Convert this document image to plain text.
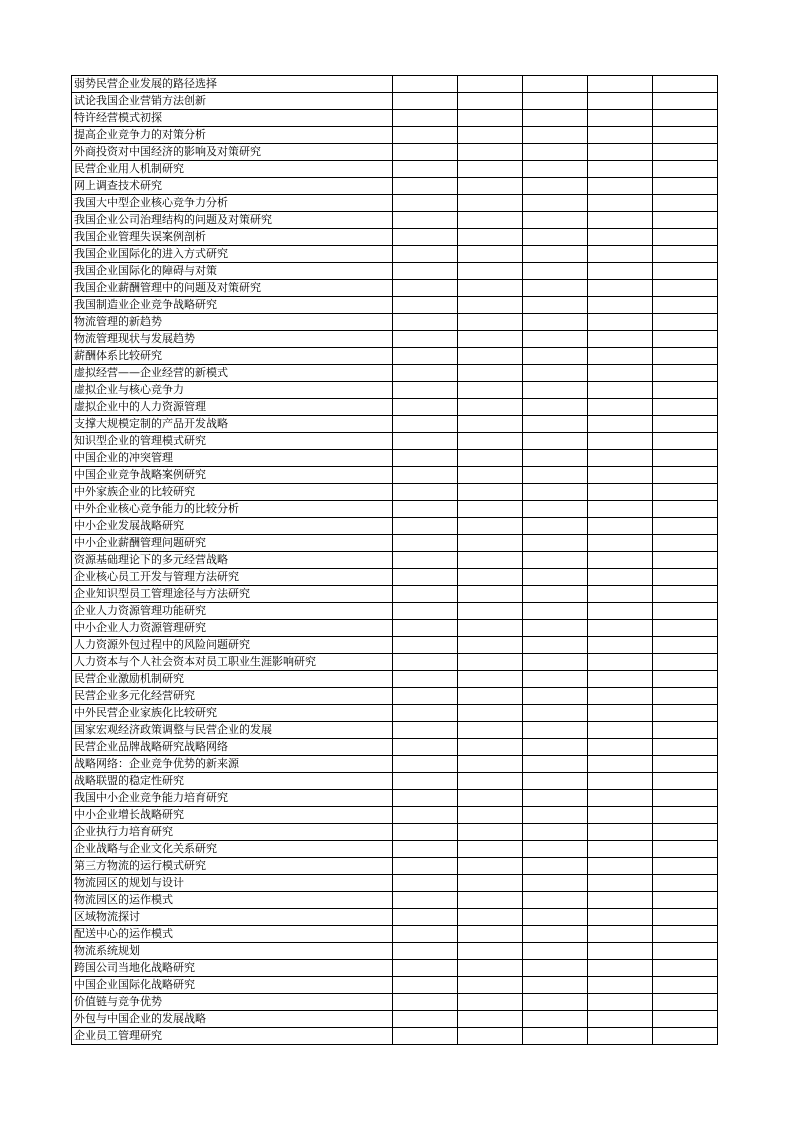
弱势民营企业发展的路径选择					
试论我国企业营销方法创新					
特许经营模式初探					
提高企业竞争力的对策分析					
外商投资对中国经济的影响及对策研究					
民营企业用人机制研究					
网上调查技术研究					
我国大中型企业核心竞争力分析					
我国企业公司治理结构的问题及对策研究					
我国企业管理失误案例剖析					
我国企业国际化的进入方式研究					
我国企业国际化的障碍与对策					
我国企业薪酬管理中的问题及对策研究					
我国制造业企业竞争战略研究					
物流管理的新趋势					
物流管理现状与发展趋势					
薪酬体系比较研究					
虚拟经营——企业经营的新模式					
虚拟企业与核心竞争力					
虚拟企业中的人力资源管理					
支撑大规模定制的产品开发战略					
知识型企业的管理模式研究					
中国企业的冲突管理					
中国企业竞争战略案例研究					
中外家族企业的比较研究					
中外企业核心竞争能力的比较分析					
中小企业发展战略研究					
中小企业薪酬管理问题研究					
资源基础理论下的多元经营战略					
企业核心员工开发与管理方法研究					
企业知识型员工管理途径与方法研究					
企业人力资源管理功能研究					
中小企业人力资源管理研究					
人力资源外包过程中的风险问题研究					
人力资本与个人社会资本对员工职业生涯影响研究					
民营企业激励机制研究					
民营企业多元化经营研究					
中外民营企业家族化比较研究					
国家宏观经济政策调整与民营企业的发展					
民营企业品牌战略研究战略网络					
战略网络：企业竞争优势的新来源					
战略联盟的稳定性研究					
我国中小企业竞争能力培育研究					
中小企业增长战略研究					
企业执行力培育研究					
企业战略与企业文化关系研究					
第三方物流的运行模式研究					
物流园区的规划与设计					
物流园区的运作模式					
区域物流探讨					
配送中心的运作模式					
物流系统规划					
跨国公司当地化战略研究					
中国企业国际化战略研究					
价值链与竞争优势					
外包与中国企业的发展战略					
企业员工管理研究					
